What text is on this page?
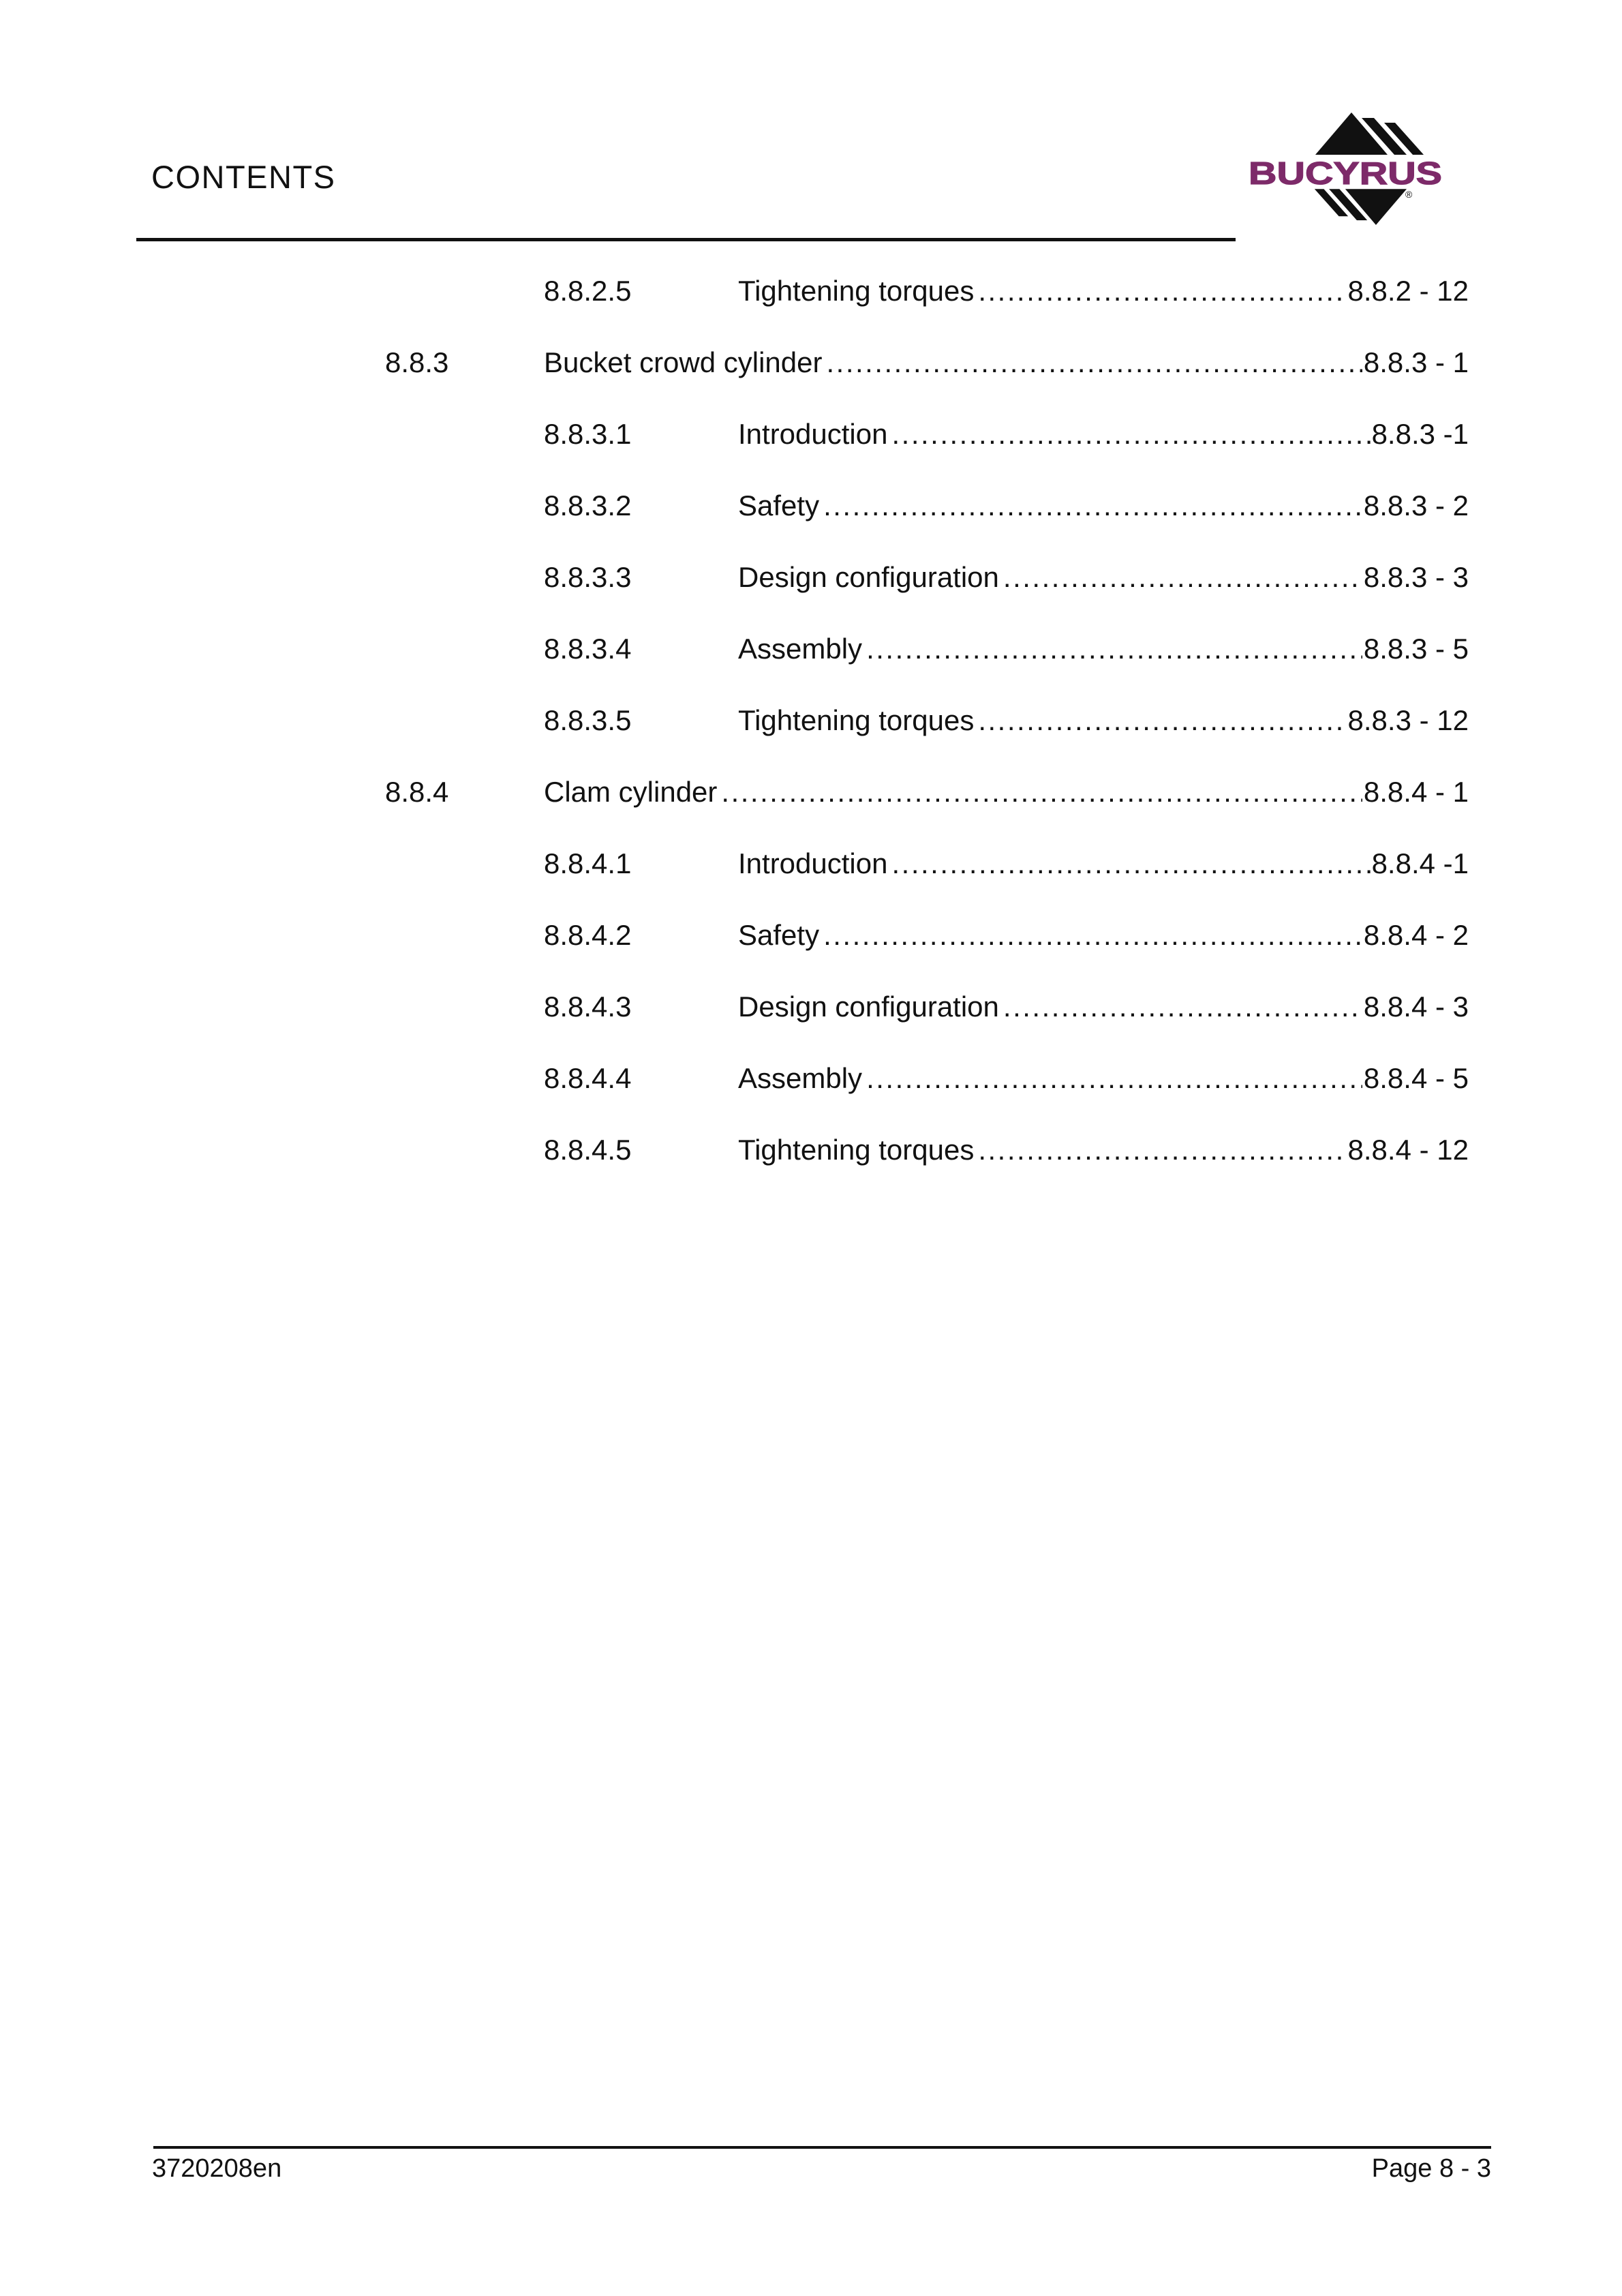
CONTENTS	BUCYRUS
®
8.8.2.5	Tightening torques .....	8.8.2 - 12
8.8.3	Bucket crowd cylinder .....	8.8.3 - 1
8.8.3.1	Introduction .....	8.8.3 -1
8.8.3.2	Safety .....	8.8.3 - 2
8.8.3.3	Design configuration .....	8.8.3 - 3
8.8.3.4	Assembly .....	8.8.3 - 5
8.8.3.5	Tightening torques .....	8.8.3 - 12
8.8.4	Clam cylinder .....	8.8.4 - 1
8.8.4.1	Introduction .....	8.8.4 -1
8.8.4.2	Safety .....	8.8.4 - 2
8.8.4.3	Design configuration .....	8.8.4 - 3
8.8.4.4	Assembly .....	8.8.4 - 5
8.8.4.5	Tightening torques .....	8.8.4 - 12
3720208en	Page 8 - 3
